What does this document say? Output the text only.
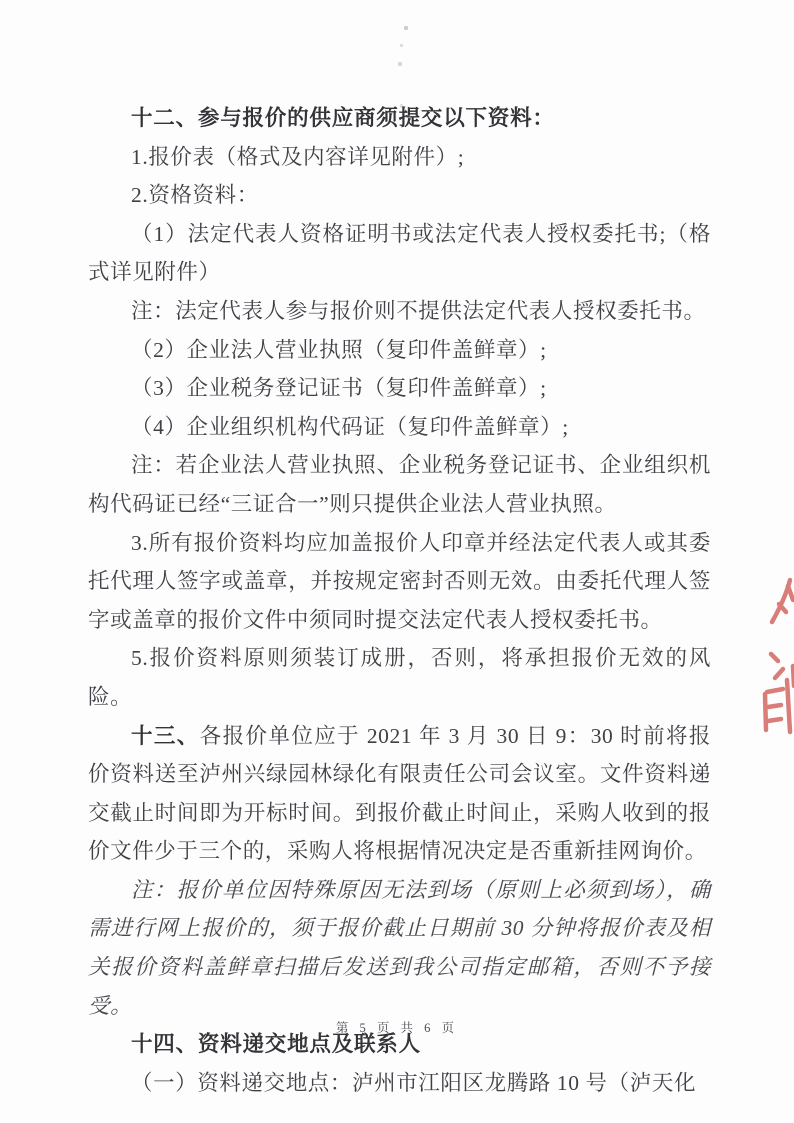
十二、参与报价的供应商须提交以下资料：

1.报价表（格式及内容详见附件）;

2.资格资料：

（1）法定代表人资格证明书或法定代表人授权委托书;（格式详见附件）

注：法定代表人参与报价则不提供法定代表人授权委托书。

（2）企业法人营业执照（复印件盖鲜章）;

（3）企业税务登记证书（复印件盖鲜章）;

（4）企业组织机构代码证（复印件盖鲜章）;

注：若企业法人营业执照、企业税务登记证书、企业组织机构代码证已经“三证合一”则只提供企业法人营业执照。

3.所有报价资料均应加盖报价人印章并经法定代表人或其委托代理人签字或盖章，并按规定密封否则无效。由委托代理人签字或盖章的报价文件中须同时提交法定代表人授权委托书。

5.报价资料原则须装订成册，否则，将承担报价无效的风险。

十三、各报价单位应于 2021 年 3 月 30 日 9：30 时前将报价资料送至泸州兴绿园林绿化有限责任公司会议室。文件资料递交截止时间即为开标时间。到报价截止时间止，采购人收到的报价文件少于三个的，采购人将根据情况决定是否重新挂网询价。

注：报价单位因特殊原因无法到场（原则上必须到场），确需进行网上报价的，须于报价截止日期前 30 分钟将报价表及相关报价资料盖鲜章扫描后发送到我公司指定邮箱，否则不予接受。

十四、资料递交地点及联系人

（一）资料递交地点：泸州市江阳区龙腾路 10 号（泸天化

第 5 页 共 6 页
